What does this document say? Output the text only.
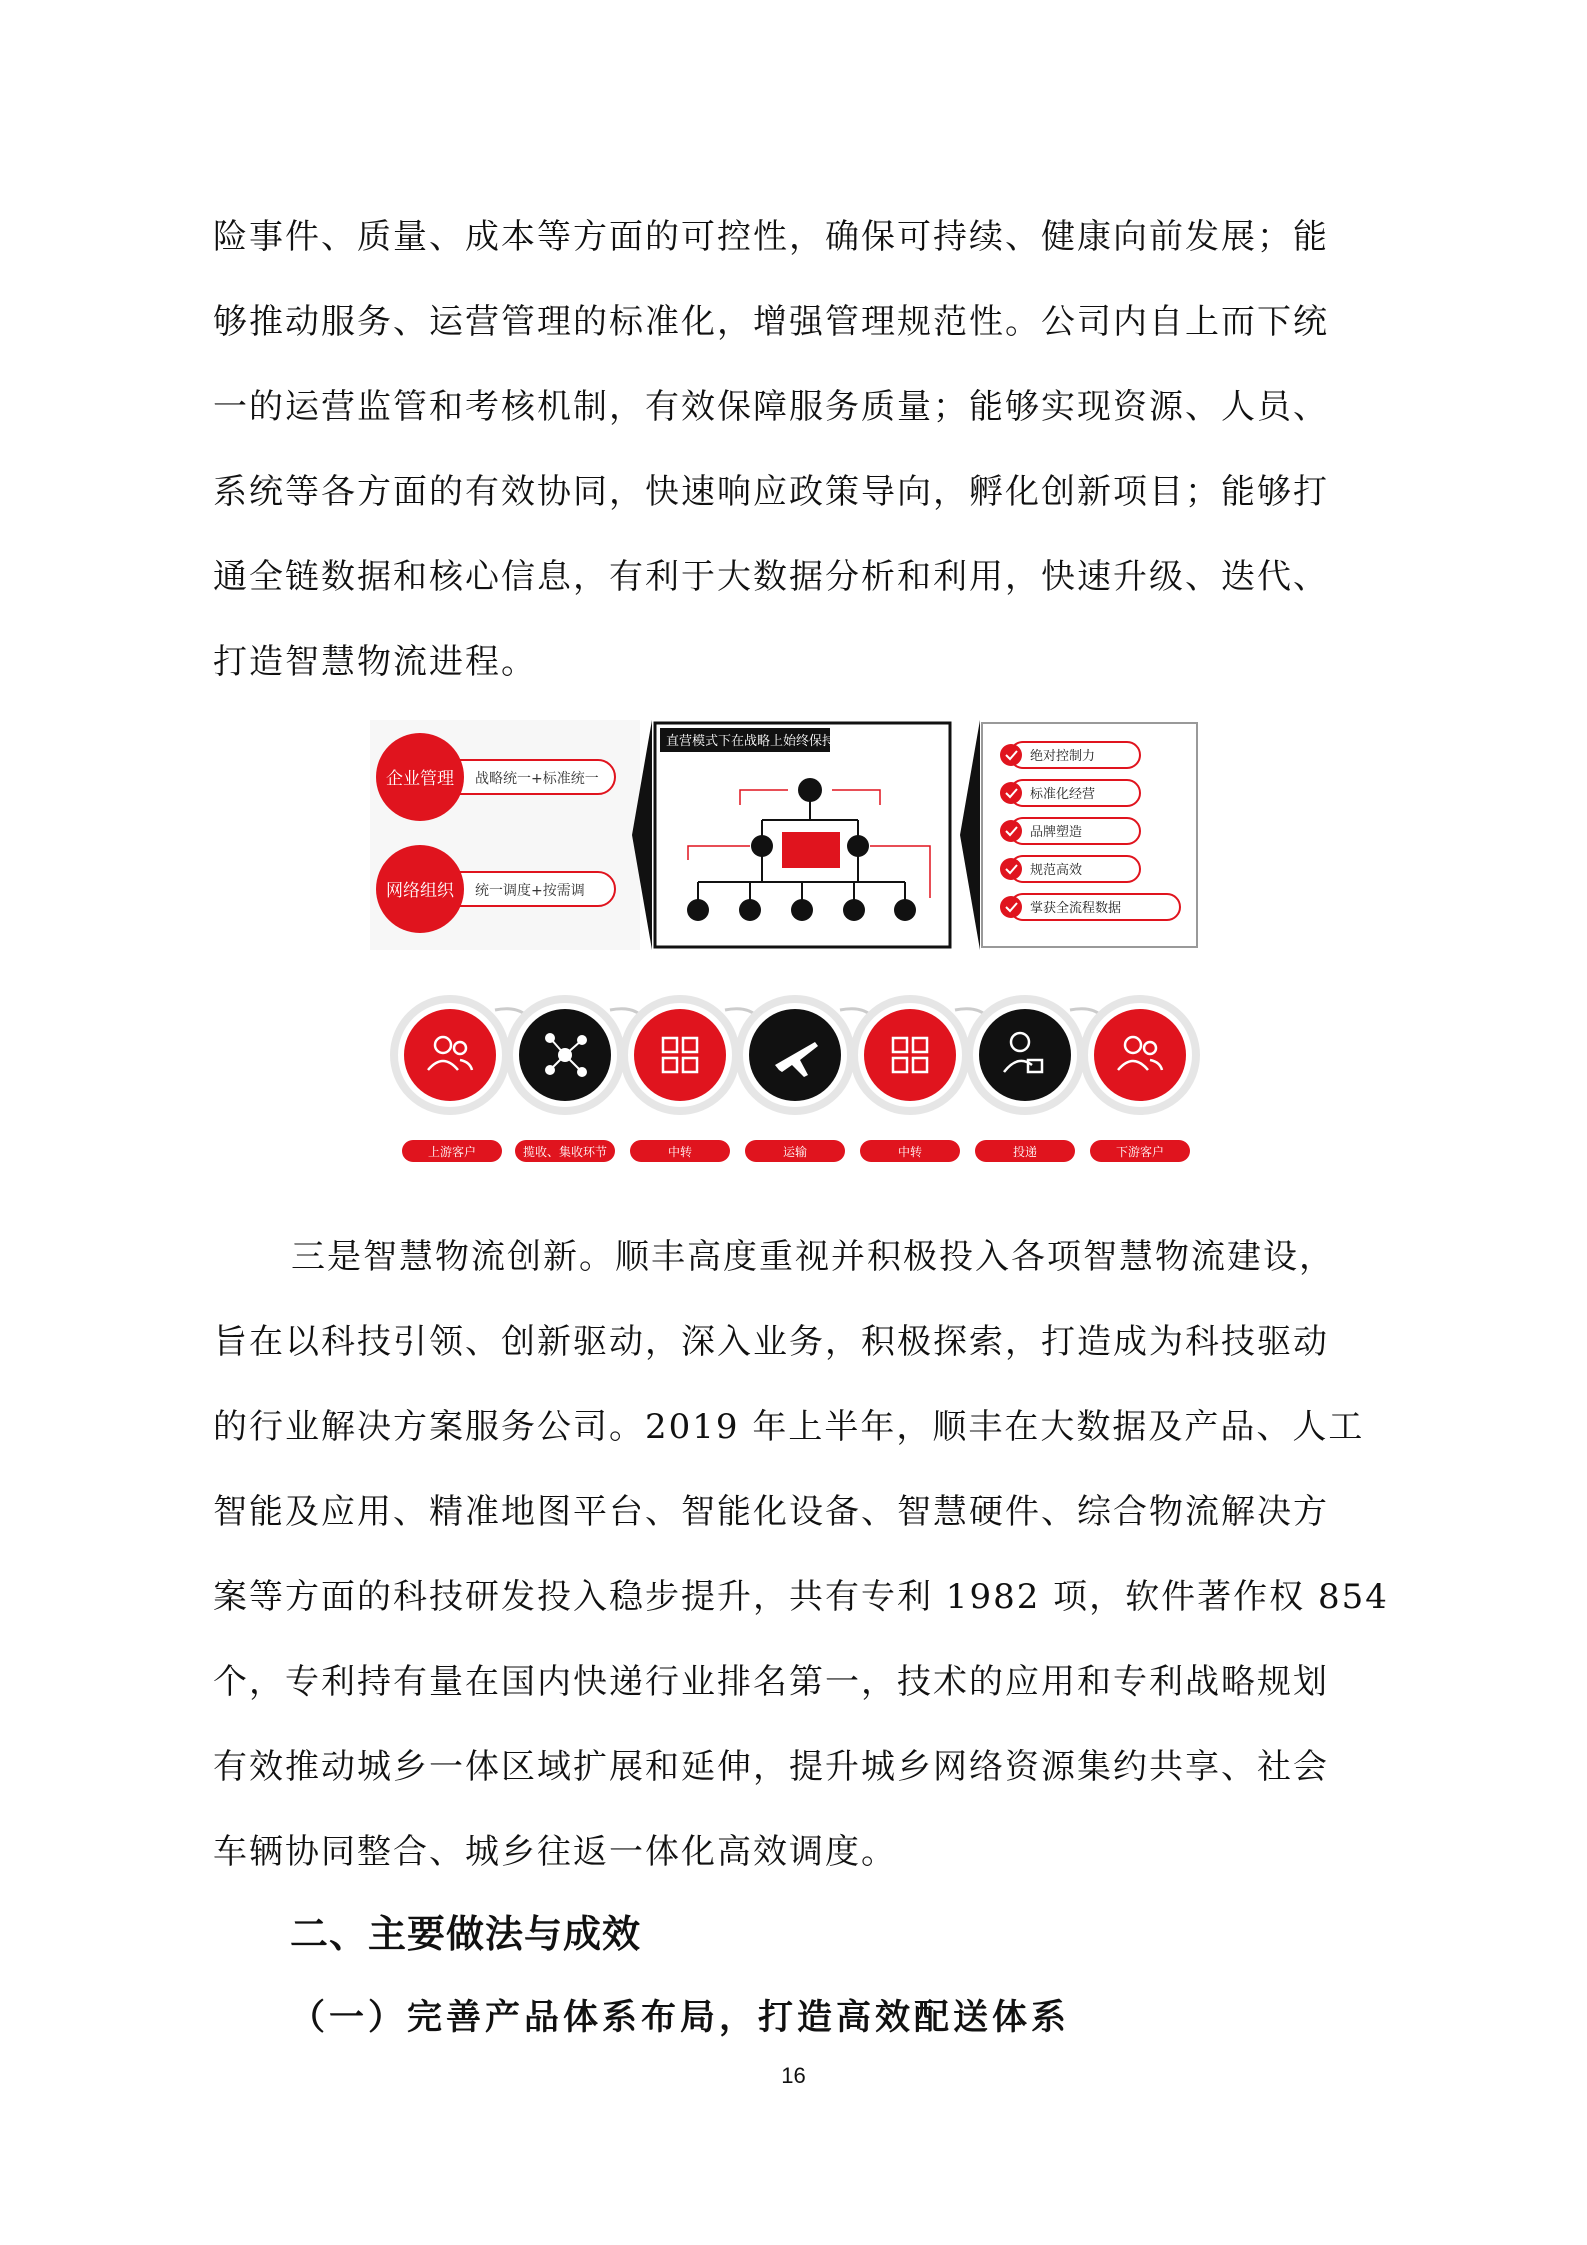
险事件、质量、成本等方面的可控性，确保可持续、健康向前发展；能
够推动服务、运营管理的标准化，增强管理规范性。公司内自上而下统
一的运营监管和考核机制，有效保障服务质量；能够实现资源、人员、
系统等各方面的有效协同，快速响应政策导向，孵化创新项目；能够打
通全链数据和核心信息，有利于大数据分析和利用，快速升级、迭代、
打造智慧物流进程。
企业管理 战略统一+标准统一
网络组织 统一调度+按需调
直营模式下在战略上始终保持统一
绝对控制力
标准化经营
品牌塑造
规范高效
掌获全流程数据
上游客户	揽收、集收环节	中转	运输	中转	投递	下游客户
三是智慧物流创新。顺丰高度重视并积极投入各项智慧物流建设，
旨在以科技引领、创新驱动，深入业务，积极探索，打造成为科技驱动
的行业解决方案服务公司。2019 年上半年，顺丰在大数据及产品、人工
智能及应用、精准地图平台、智能化设备、智慧硬件、综合物流解决方
案等方面的科技研发投入稳步提升，共有专利 1982 项，软件著作权 854
个，专利持有量在国内快递行业排名第一，技术的应用和专利战略规划
有效推动城乡一体区域扩展和延伸，提升城乡网络资源集约共享、社会
车辆协同整合、城乡往返一体化高效调度。
二、主要做法与成效
（一）完善产品体系布局，打造高效配送体系
16
